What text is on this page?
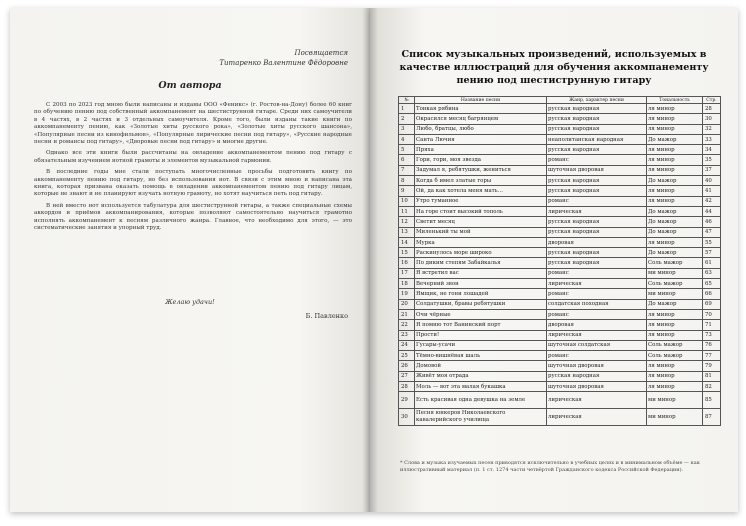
Посвящается
Титаренко Валентине Фёдоровне
От автора

С 2003 по 2023 год мною были написаны и изданы ООО «Феникс» (г. Ростов-на-Дону) более 60 книг по обучению пению под собственный аккомпанемент на шестиструнной гитаре. Среди них самоучители в 4 частях, в 2 частях и 3 отдельных самоучителя. Кроме того, были изданы такие книги по аккомпанементу пению, как «Золотые хиты русского рока», «Золотые хиты русского шансона», «Популярные песни из кинофильмов», «Популярные лирические песни под гитару», «Русские народные песни и романсы под гитару», «Дворовые песни под гитару» и многие другие.

Однако все эти книги были рассчитаны на овладение аккомпанементом пению под гитару с обязательным изучением нотной грамоты и элементов музыкальной гармонии.

В последние годы мне стали поступать многочисленные просьбы подготовить книгу по аккомпанементу пению под гитару, но без использования нот. В связи с этим мною и написана эта книга, которая призвана оказать помощь в овладении аккомпанементом пению под гитару лицам, которые не знают и не планируют изучать нотную грамоту, но хотят научиться петь под гитару.

В ней вместо нот используется табулатура для шестиструнной гитары, а также специальные схемы аккордов и приёмов аккомпанирования, которые позволяют самостоятельно научиться грамотно исполнять аккомпанемент к песням различного жанра. Главное, что необходимо для этого, — это систематические занятия и упорный труд.

Желаю удачи!
Б. Павленко
Список музыкальных произведений, используемых в качестве иллюстраций для обучения аккомпанементу пению под шестиструнную гитару
№	Название песни	Жанр, характер песни	Тональность	Стр.
1	Тонкая рябина	русская народная	ля минор	28
2	Окрасился месяц багрянцем	русская народная	ля минор	30
3	Любо, братцы, любо	русская народная	ля минор	32
4	Санта Лючия	неаполитанская народная	До мажор	33
5	Пряха	русская народная	ля минор	34
6	Гори, гори, моя звезда	романс	ля минор	35
7	Задумал я, ребятушки, жениться	шуточная дворовая	ля минор	37
8	Когда б имел златые горы	русская народная	До мажор	40
9	Ой, да как хотела меня мать…	русская народная	ля минор	41
10	Утро туманное	романс	ля минор	42
11	На горе стоит высокий тополь	лирическая	До мажор	44
12	Светит месяц	русская народная	До мажор	46
13	Миленький ты мой	русская народная	До мажор	47
14	Мурка	дворовая	ля минор	55
15	Раскинулось море широко	русская народная	До мажор	57
16	По диким степям Забайкалья	русская народная	Соль мажор	61
17	Я встретил вас	романс	ми минор	63
18	Вечерний звон	лирическая	Соль мажор	65
19	Ямщик, не гони лошадей	романс	ми минор	66
20	Солдатушки, бравы ребятушки	солдатская походная	До мажор	69
21	Очи чёрные	романс	ля минор	70
22	Я помню тот Ванинский порт	дворовая	ля минор	71
23	Прости!	лирическая	ля минор	73
24	Гусары-усачи	шуточная солдатская	Соль мажор	76
25	Тёмно-вишнёвая шаль	романс	Соль мажор	77
26	Домовой	шуточная дворовая	ля минор	79
27	Живёт моя отрада	русская народная	ля минор	81
28	Моль — вот эта малая букашка	шуточная дворовая	ля минор	82
29	Есть красивая одна девушка на земле	лирическая	ми минор	85
30	Песня юнкеров Николаевского кавалерийского училища	лирическая	ми минор	87
* Слова и музыка изучаемых песен приводятся исключительно в учебных целях и в минимальном объёме — как иллюстративный материал (п. 1 ст. 1274 части четвёртой Гражданского кодекса Российской Федерации).
